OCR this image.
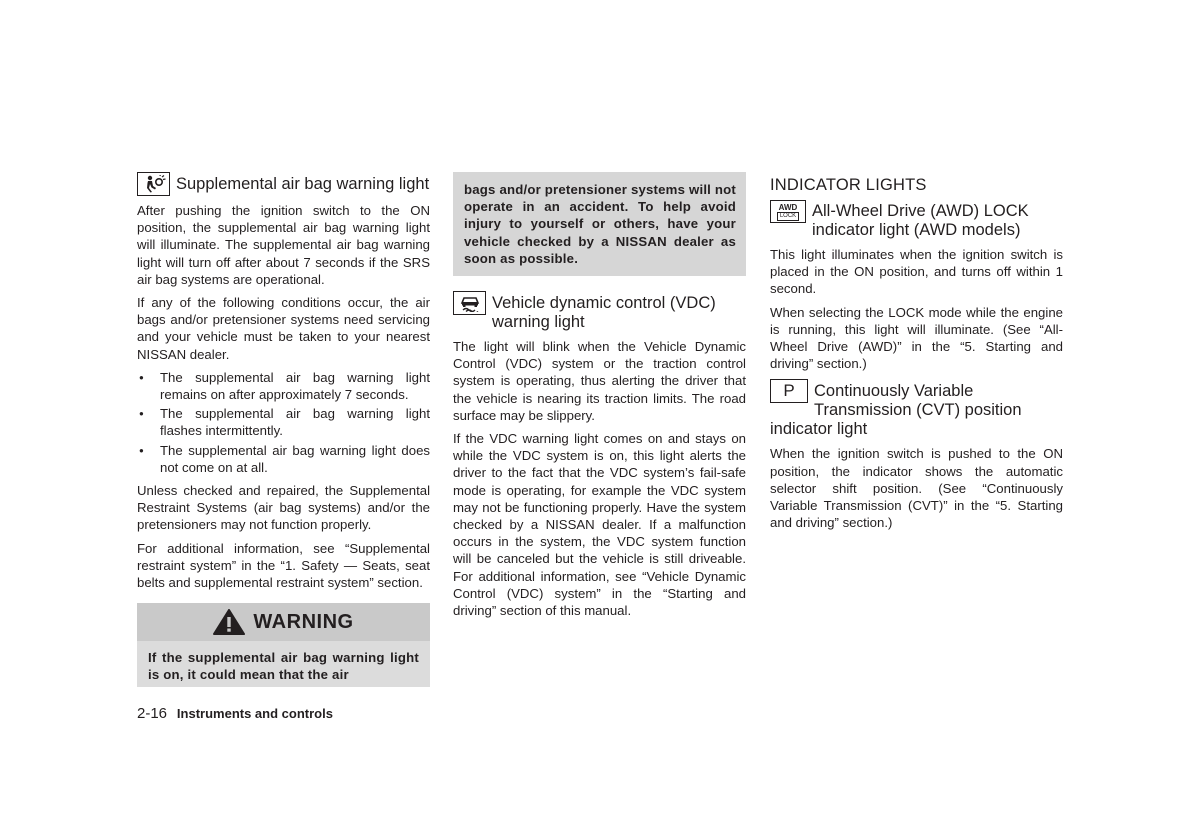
Supplemental air bag warning light

After pushing the ignition switch to the ON position, the supplemental air bag warning light will illuminate. The supplemental air bag warning light will turn off after about 7 seconds if the SRS air bag systems are operational.

If any of the following conditions occur, the air bags and/or pretensioner systems need servicing and your vehicle must be taken to your nearest NISSAN dealer.

● The supplemental air bag warning light remains on after approximately 7 seconds.
● The supplemental air bag warning light flashes intermittently.
● The supplemental air bag warning light does not come on at all.

Unless checked and repaired, the Supplemental Restraint Systems (air bag systems) and/or the pretensioners may not function properly.

For additional information, see “Supplemental restraint system” in the “1. Safety — Seats, seat belts and supplemental restraint system” section.

WARNING

If the supplemental air bag warning light is on, it could mean that the air

bags and/or pretensioner systems will not operate in an accident. To help avoid injury to yourself or others, have your vehicle checked by a NISSAN dealer as soon as possible.

Vehicle dynamic control (VDC) warning light

The light will blink when the Vehicle Dynamic Control (VDC) system or the traction control system is operating, thus alerting the driver that the vehicle is nearing its traction limits. The road surface may be slippery.

If the VDC warning light comes on and stays on while the VDC system is on, this light alerts the driver to the fact that the VDC system’s fail-safe mode is operating, for example the VDC system may not be functioning properly. Have the system checked by a NISSAN dealer. If a malfunction occurs in the system, the VDC system function will be canceled but the vehicle is still driveable. For additional information, see “Vehicle Dynamic Control (VDC) system” in the “Starting and driving” section of this manual.

INDICATOR LIGHTS
AWD
LOCK All-Wheel Drive (AWD) LOCK indicator light (AWD models)

This light illuminates when the ignition switch is placed in the ON position, and turns off within 1 second.

When selecting the LOCK mode while the engine is running, this light will illuminate. (See “All-Wheel Drive (AWD)” in the “5. Starting and driving” section.)

P Continuously Variable Transmission (CVT) position indicator light

When the ignition switch is pushed to the ON position, the indicator shows the automatic selector shift position. (See “Continuously Variable Transmission (CVT)” in the “5. Starting and driving” section.)

2-16 Instruments and controls
